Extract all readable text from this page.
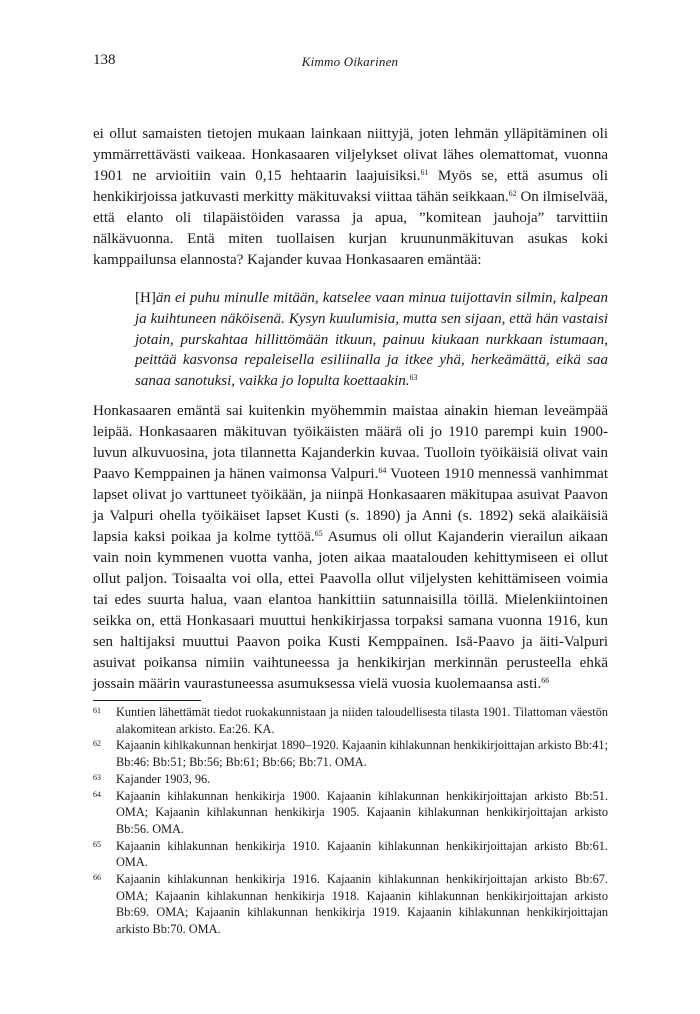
138	Kimmo Oikarinen
ei ollut samaisten tietojen mukaan lainkaan niittyjä, joten lehmän ylläpitäminen oli ymmärrettävästi vaikeaa. Honkasaaren viljelykset olivat lähes olemattomat, vuonna 1901 ne arvioitiin vain 0,15 hehtaarin laajuisiksi.$^{61}$ Myös se, että asumus oli henkikirjoissa jatkuvasti merkitty mäkituvaksi viittaa tähän seikkaan.$^{62}$ On ilmiselvää, että elanto oli tilapäistöiden varassa ja apua, ”komitean jauhoja” tarvittiin nälkävuonna. Entä miten tuollaisen kurjan kruununmäkituvan asukas koki kamppailunsa elannosta? Kajander kuvaa Honkasaaren emäntää:
[H]än ei puhu minulle mitään, katselee vaan minua tuijottavin silmin, kalpean ja kuihtuneen näköisenä. Kysyn kuulumisia, mutta sen sijaan, että hän vastaisi jotain, purskahtaa hillittömään itkuun, painuu kiukaan nurkkaan istumaan, peittää kasvonsa repaleisella esiliinalla ja itkee yhä, herkeämättä, eikä saa sanaa sanotuksi, vaikka jo lopulta koettaakin.$^{63}$
Honkasaaren emäntä sai kuitenkin myöhemmin maistaa ainakin hieman leveämpää leipää. Honkasaaren mäkituvan työikäisten määrä oli jo 1910 parempi kuin 1900-luvun alkuvuosina, jota tilannetta Kajanderkin kuvaa. Tuolloin työikäisiä olivat vain Paavo Kemppainen ja hänen vaimonsa Valpuri.$^{64}$ Vuoteen 1910 mennessä vanhimmat lapset olivat jo varttuneet työikään, ja niinpä Honkasaaren mäkitupaa asuivat Paavon ja Valpuri ohella työikäiset lapset Kusti (s. 1890) ja Anni (s. 1892) sekä alaikäisiä lapsia kaksi poikaa ja kolme tyttöä.$^{65}$ Asumus oli ollut Kajanderin vierailun aikaan vain noin kymmenen vuotta vanha, joten aikaa maatalouden kehittymiseen ei ollut ollut paljon. Toisaalta voi olla, ettei Paavolla ollut viljelysten kehittämiseen voimia tai edes suurta halua, vaan elantoa hankittiin satunnaisilla töillä. Mielenkiintoinen seikka on, että Honkasaari muuttui henkikirjassa torpaksi samana vuonna 1916, kun sen haltijaksi muuttui Paavon poika Kusti Kemppainen. Isä-Paavo ja äiti-Valpuri asuivat poikansa nimiin vaihtuneessa ja henkikirjan merkinnän perusteella ehkä jossain määrin vaurastuneessa asumuksessa vielä vuosia kuolemaansa asti.$^{66}$
61	Kuntien lähettämät tiedot ruokakunnistaan ja niiden taloudellisesta tilasta 1901. Tilattoman väestön alakomitean arkisto. Ea:26. KA.
62	Kajaanin kihlkakunnan henkirjat 1890–1920. Kajaanin kihlakunnan henkikirjoittajan arkisto Bb:41; Bb:46: Bb:51; Bb:56; Bb:61; Bb:66; Bb:71. OMA.
63	Kajander 1903, 96.
64	Kajaanin kihlakunnan henkikirja 1900. Kajaanin kihlakunnan henkikirjoittajan arkisto Bb:51. OMA; Kajaanin kihlakunnan henkikirja 1905. Kajaanin kihlakunnan henkikirjoittajan arkisto Bb:56. OMA.
65	Kajaanin kihlakunnan henkikirja 1910. Kajaanin kihlakunnan henkikirjoittajan arkisto Bb:61. OMA.
66	Kajaanin kihlakunnan henkikirja 1916. Kajaanin kihlakunnan henkikirjoittajan arkisto Bb:67. OMA; Kajaanin kihlakunnan henkikirja 1918. Kajaanin kihlakunnan henkikirjoittajan arkisto Bb:69. OMA; Kajaanin kihlakunnan henkikirja 1919. Kajaanin kihlakunnan henkikirjoittajan arkisto Bb:70. OMA.
